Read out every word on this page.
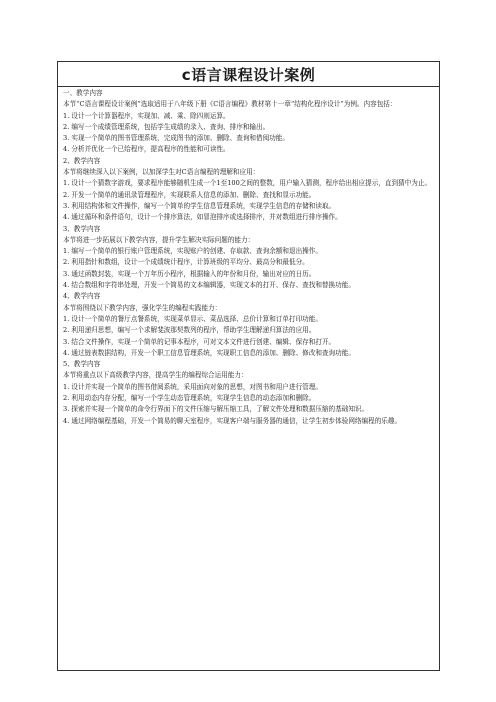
c语言课程设计案例
一、教学内容
本节“C语言课程设计案例”选取适用于八年级下册《C语言编程》教材第十一章“结构化程序设计”为例。内容包括：
1. 设计一个计算器程序，实现加、减、乘、除四则运算。
2. 编写一个成绩管理系统，包括学生成绩的录入、查询、排序和输出。
3. 实现一个简单的图书管理系统，完成图书的添加、删除、查询和借阅功能。
4. 分析并优化一个已给程序，提高程序的性能和可读性。
2、教学内容
本节将继续深入以下案例，以加深学生对C语言编程的理解和应用：
1. 设计一个猜数字游戏，要求程序能够随机生成一个1至100之间的整数，用户输入猜测，程序给出相应提示，直到猜中为止。
2. 开发一个简单的通讯录管理程序，实现联系人信息的添加、删除、查找和显示功能。
3. 利用结构体和文件操作，编写一个简单的学生信息管理系统，实现学生信息的存储和读取。
4. 通过循环和条件语句，设计一个排序算法，如冒泡排序或选择排序，并对数组进行排序操作。
3、教学内容
本节将进一步拓展以下教学内容，提升学生解决实际问题的能力：
1. 编写一个简单的银行账户管理系统，实现账户的创建、存取款、查询余额和退出操作。
2. 利用指针和数组，设计一个成绩统计程序，计算班级的平均分、最高分和最低分。
3. 通过函数封装，实现一个万年历小程序，根据输入的年份和月份，输出对应的日历。
4. 结合数组和字符串处理，开发一个简易的文本编辑器，实现文本的打开、保存、查找和替换功能。
4、教学内容
本节将围绕以下教学内容，强化学生的编程实践能力：
1. 设计一个简单的餐厅点餐系统，实现菜单显示、菜品选择、总价计算和订单打印功能。
2. 利用递归思想，编写一个求解斐波那契数列的程序，帮助学生理解递归算法的应用。
3. 结合文件操作，实现一个简单的记事本程序，可对文本文件进行创建、编辑、保存和打开。
4. 通过链表数据结构，开发一个职工信息管理系统，实现职工信息的添加、删除、修改和查询功能。
5、教学内容
本节将重点以下高级教学内容，提高学生的编程综合运用能力：
1. 设计并实现一个简单的图书借阅系统，采用面向对象的思想，对图书和用户进行管理。
2. 利用动态内存分配，编写一个学生动态管理系统，实现学生信息的动态添加和删除。
3. 探索并实现一个简单的命令行界面下的文件压缩与解压缩工具，了解文件处理和数据压缩的基础知识。
4. 通过网络编程基础，开发一个简易的聊天室程序，实现客户端与服务器的通信，让学生初步体验网络编程的乐趣。
